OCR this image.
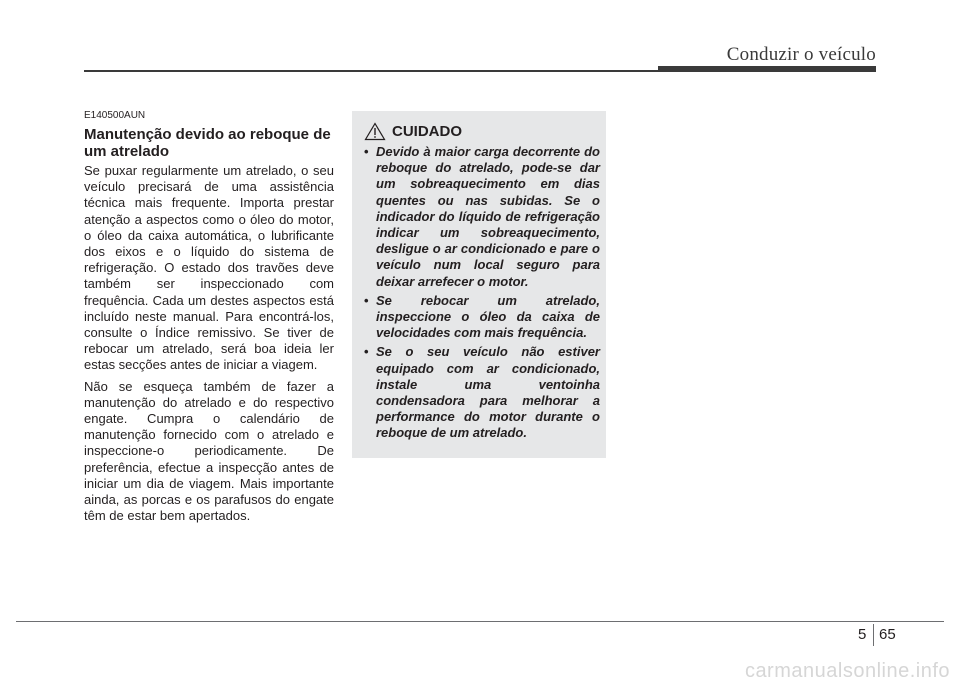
Conduzir o veículo
E140500AUN
Manutenção devido ao reboque de um atrelado

Se puxar regularmente um atrelado, o seu veículo precisará de uma assistência técnica mais frequente. Importa prestar atenção a aspectos como o óleo do motor, o óleo da caixa automática, o lubrificante dos eixos e o líquido do sistema de refrigeração. O estado dos travões deve também ser inspeccionado com frequência. Cada um destes aspectos está incluído neste manual. Para encontrá-los, consulte o Índice remissivo. Se tiver de rebocar um atrelado, será boa ideia ler estas secções antes de iniciar a viagem.

Não se esqueça também de fazer a manutenção do atrelado e do respectivo engate. Cumpra o calendário de manutenção fornecido com o atrelado e inspeccione-o periodicamente. De preferência, efectue a inspecção antes de iniciar um dia de viagem. Mais importante ainda, as porcas e os parafusos do engate têm de estar bem apertados.

CUIDADO
• Devido à maior carga decorrente do reboque do atrelado, pode-se dar um sobreaquecimento em dias quentes ou nas subidas. Se o indicador do líquido de refrigeração indicar um sobreaquecimento, desligue o ar condicionado e pare o veículo num local seguro para deixar arrefecer o motor.
• Se rebocar um atrelado, inspeccione o óleo da caixa de velocidades com mais frequência.
• Se o seu veículo não estiver equipado com ar condicionado, instale uma ventoinha condensadora para melhorar a performance do motor durante o reboque de um atrelado.
5 65
carmanualsonline.info
